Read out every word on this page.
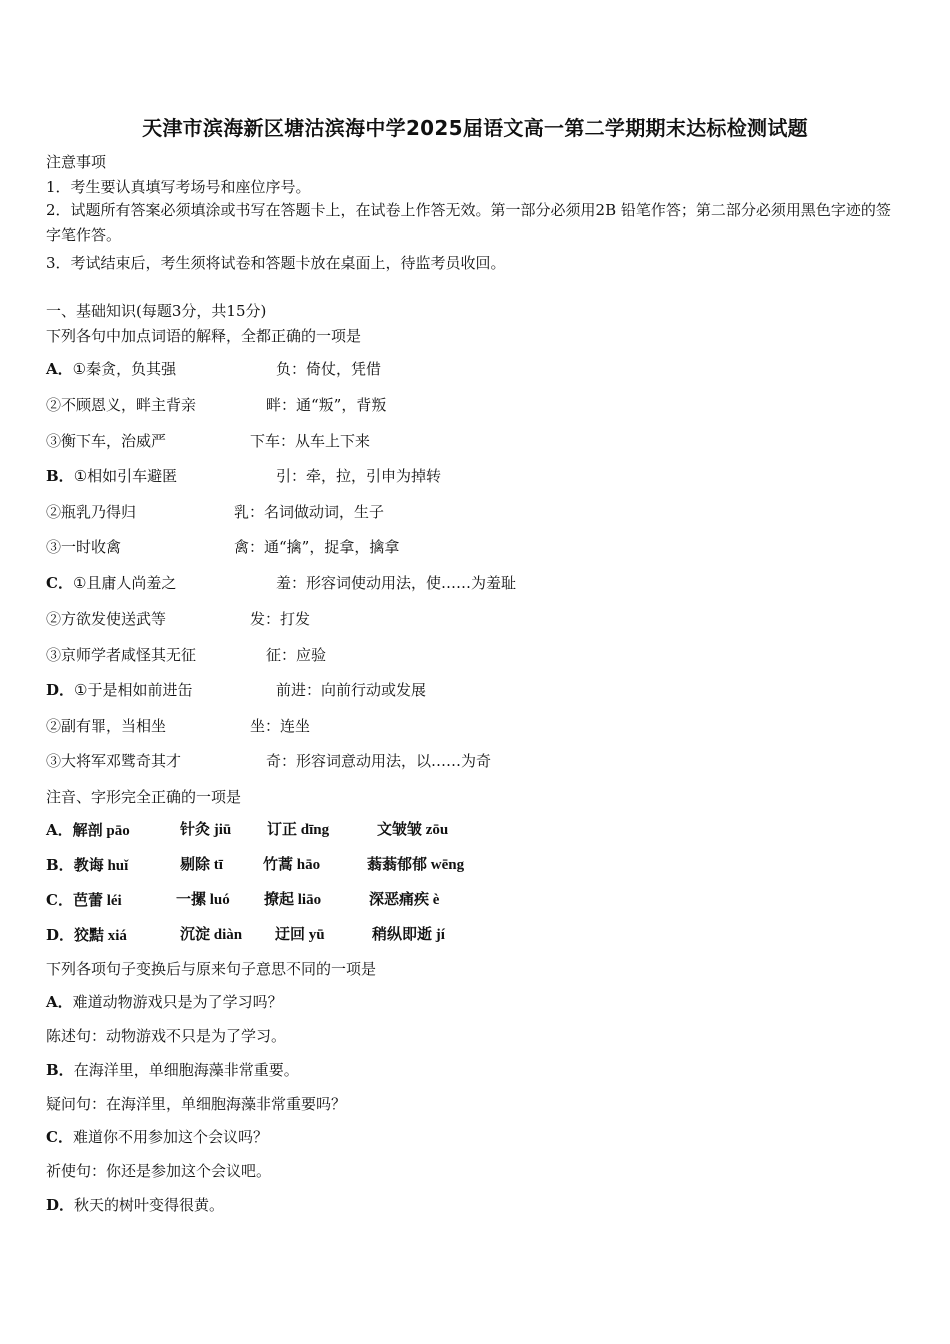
天津市滨海新区塘沽滨海中学2025届语文高一第二学期期末达标检测试题
注意事项
1．考生要认真填写考场号和座位序号。
2．试题所有答案必须填涂或书写在答题卡上，在试卷上作答无效。第一部分必须用2B 铅笔作答；第二部分必须用黑色字迹的签字笔作答。
3．考试结束后，考生须将试卷和答题卡放在桌面上，待监考员收回。
一、基础知识(每题3分，共15分)
下列各句中加点词语的解释，全都正确的一项是
A．①秦贪，负其强	负：倚仗，凭借
②不顾恩义，畔主背亲	畔：通“叛”，背叛
③衡下车，治威严	下车：从车上下来
B．①相如引车避匿	引：牵，拉，引申为掉转
②瓶乳乃得归	乳：名词做动词，生子
③一时收禽	禽：通“擒”，捉拿，擒拿
C．①且庸人尚羞之	羞：形容词使动用法，使……为羞耻
②方欲发使送武等	发：打发
③京师学者咸怪其无征	征：应验
D．①于是相如前进缶	前进：向前行动或发展
②副有罪，当相坐	坐：连坐
③大将军邓骘奇其才	奇：形容词意动用法，以……为奇
注音、字形完全正确的一项是
A．解剖 pāo	针灸 jiū 订正 dīng	文皱皱 zōu
B．教诲 huǐ	剔除 tī	竹蒿 hāo	蓊蓊郁郁 wēng
C．芭蕾 léi	一摞 luó 撩起 liāo	深恶痛疾 è
D．狡黠 xiá	沉淀 diàn 迂回 yū	稍纵即逝 jí
下列各项句子变换后与原来句子意思不同的一项是
A．难道动物游戏只是为了学习吗？
陈述句：动物游戏不只是为了学习。
B．在海洋里，单细胞海藻非常重要。
疑问句：在海洋里，单细胞海藻非常重要吗？
C．难道你不用参加这个会议吗？
祈使句：你还是参加这个会议吧。
D．秋天的树叶变得很黄。
